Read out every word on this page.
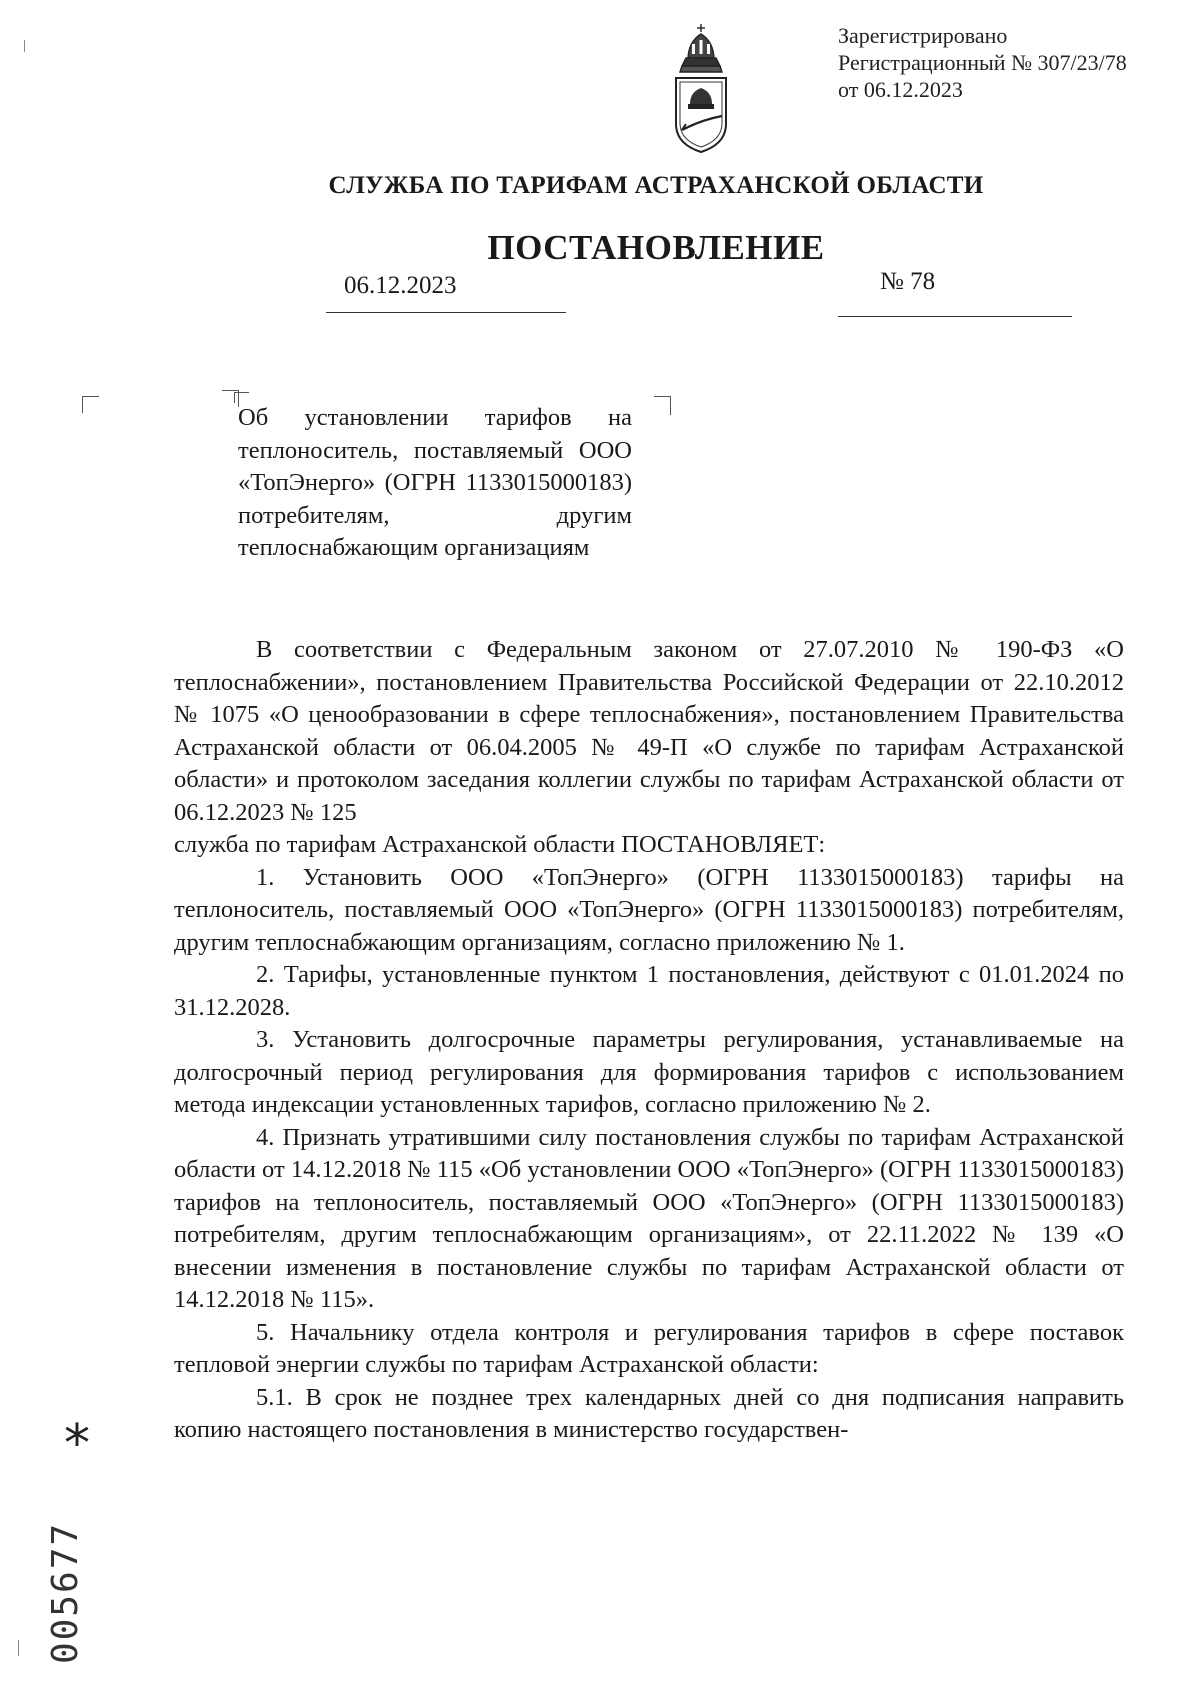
Зарегистрировано
Регистрационный № 307/23/78
от 06.12.2023
СЛУЖБА ПО ТАРИФАМ АСТРАХАНСКОЙ ОБЛАСТИ
ПОСТАНОВЛЕНИЕ
06.12.2023	№ 78
Об установлении тарифов на теплоноситель, поставляемый ООО «ТопЭнерго» (ОГРН 1133015000183) потребителям, другим теплоснабжающим организациям

В соответствии с Федеральным законом от 27.07.2010 № 190-ФЗ «О теплоснабжении», постановлением Правительства Российской Федерации от 22.10.2012 № 1075 «О ценообразовании в сфере теплоснабжения», постановлением Правительства Астраханской области от 06.04.2005 № 49-П «О службе по тарифам Астраханской области» и протоколом заседания коллегии службы по тарифам Астраханской области от 06.12.2023 № 125

служба по тарифам Астраханской области ПОСТАНОВЛЯЕТ:

1. Установить ООО «ТопЭнерго» (ОГРН 1133015000183) тарифы на теплоноситель, поставляемый ООО «ТопЭнерго» (ОГРН 1133015000183) потребителям, другим теплоснабжающим организациям, согласно приложению № 1.

2. Тарифы, установленные пунктом 1 постановления, действуют с 01.01.2024 по 31.12.2028.

3. Установить долгосрочные параметры регулирования, устанавливаемые на долгосрочный период регулирования для формирования тарифов с использованием метода индексации установленных тарифов, согласно приложению № 2.

4. Признать утратившими силу постановления службы по тарифам Астраханской области от 14.12.2018 № 115 «Об установлении ООО «ТопЭнерго» (ОГРН 1133015000183) тарифов на теплоноситель, поставляемый ООО «ТопЭнерго» (ОГРН 1133015000183) потребителям, другим теплоснабжающим организациям», от 22.11.2022 № 139 «О внесении изменения в постановление службы по тарифам Астраханской области от 14.12.2018 № 115».

5. Начальнику отдела контроля и регулирования тарифов в сфере поставок тепловой энергии службы по тарифам Астраханской области:

5.1. В срок не позднее трех календарных дней со дня подписания направить копию настоящего постановления в министерство государствен-

*
005677
